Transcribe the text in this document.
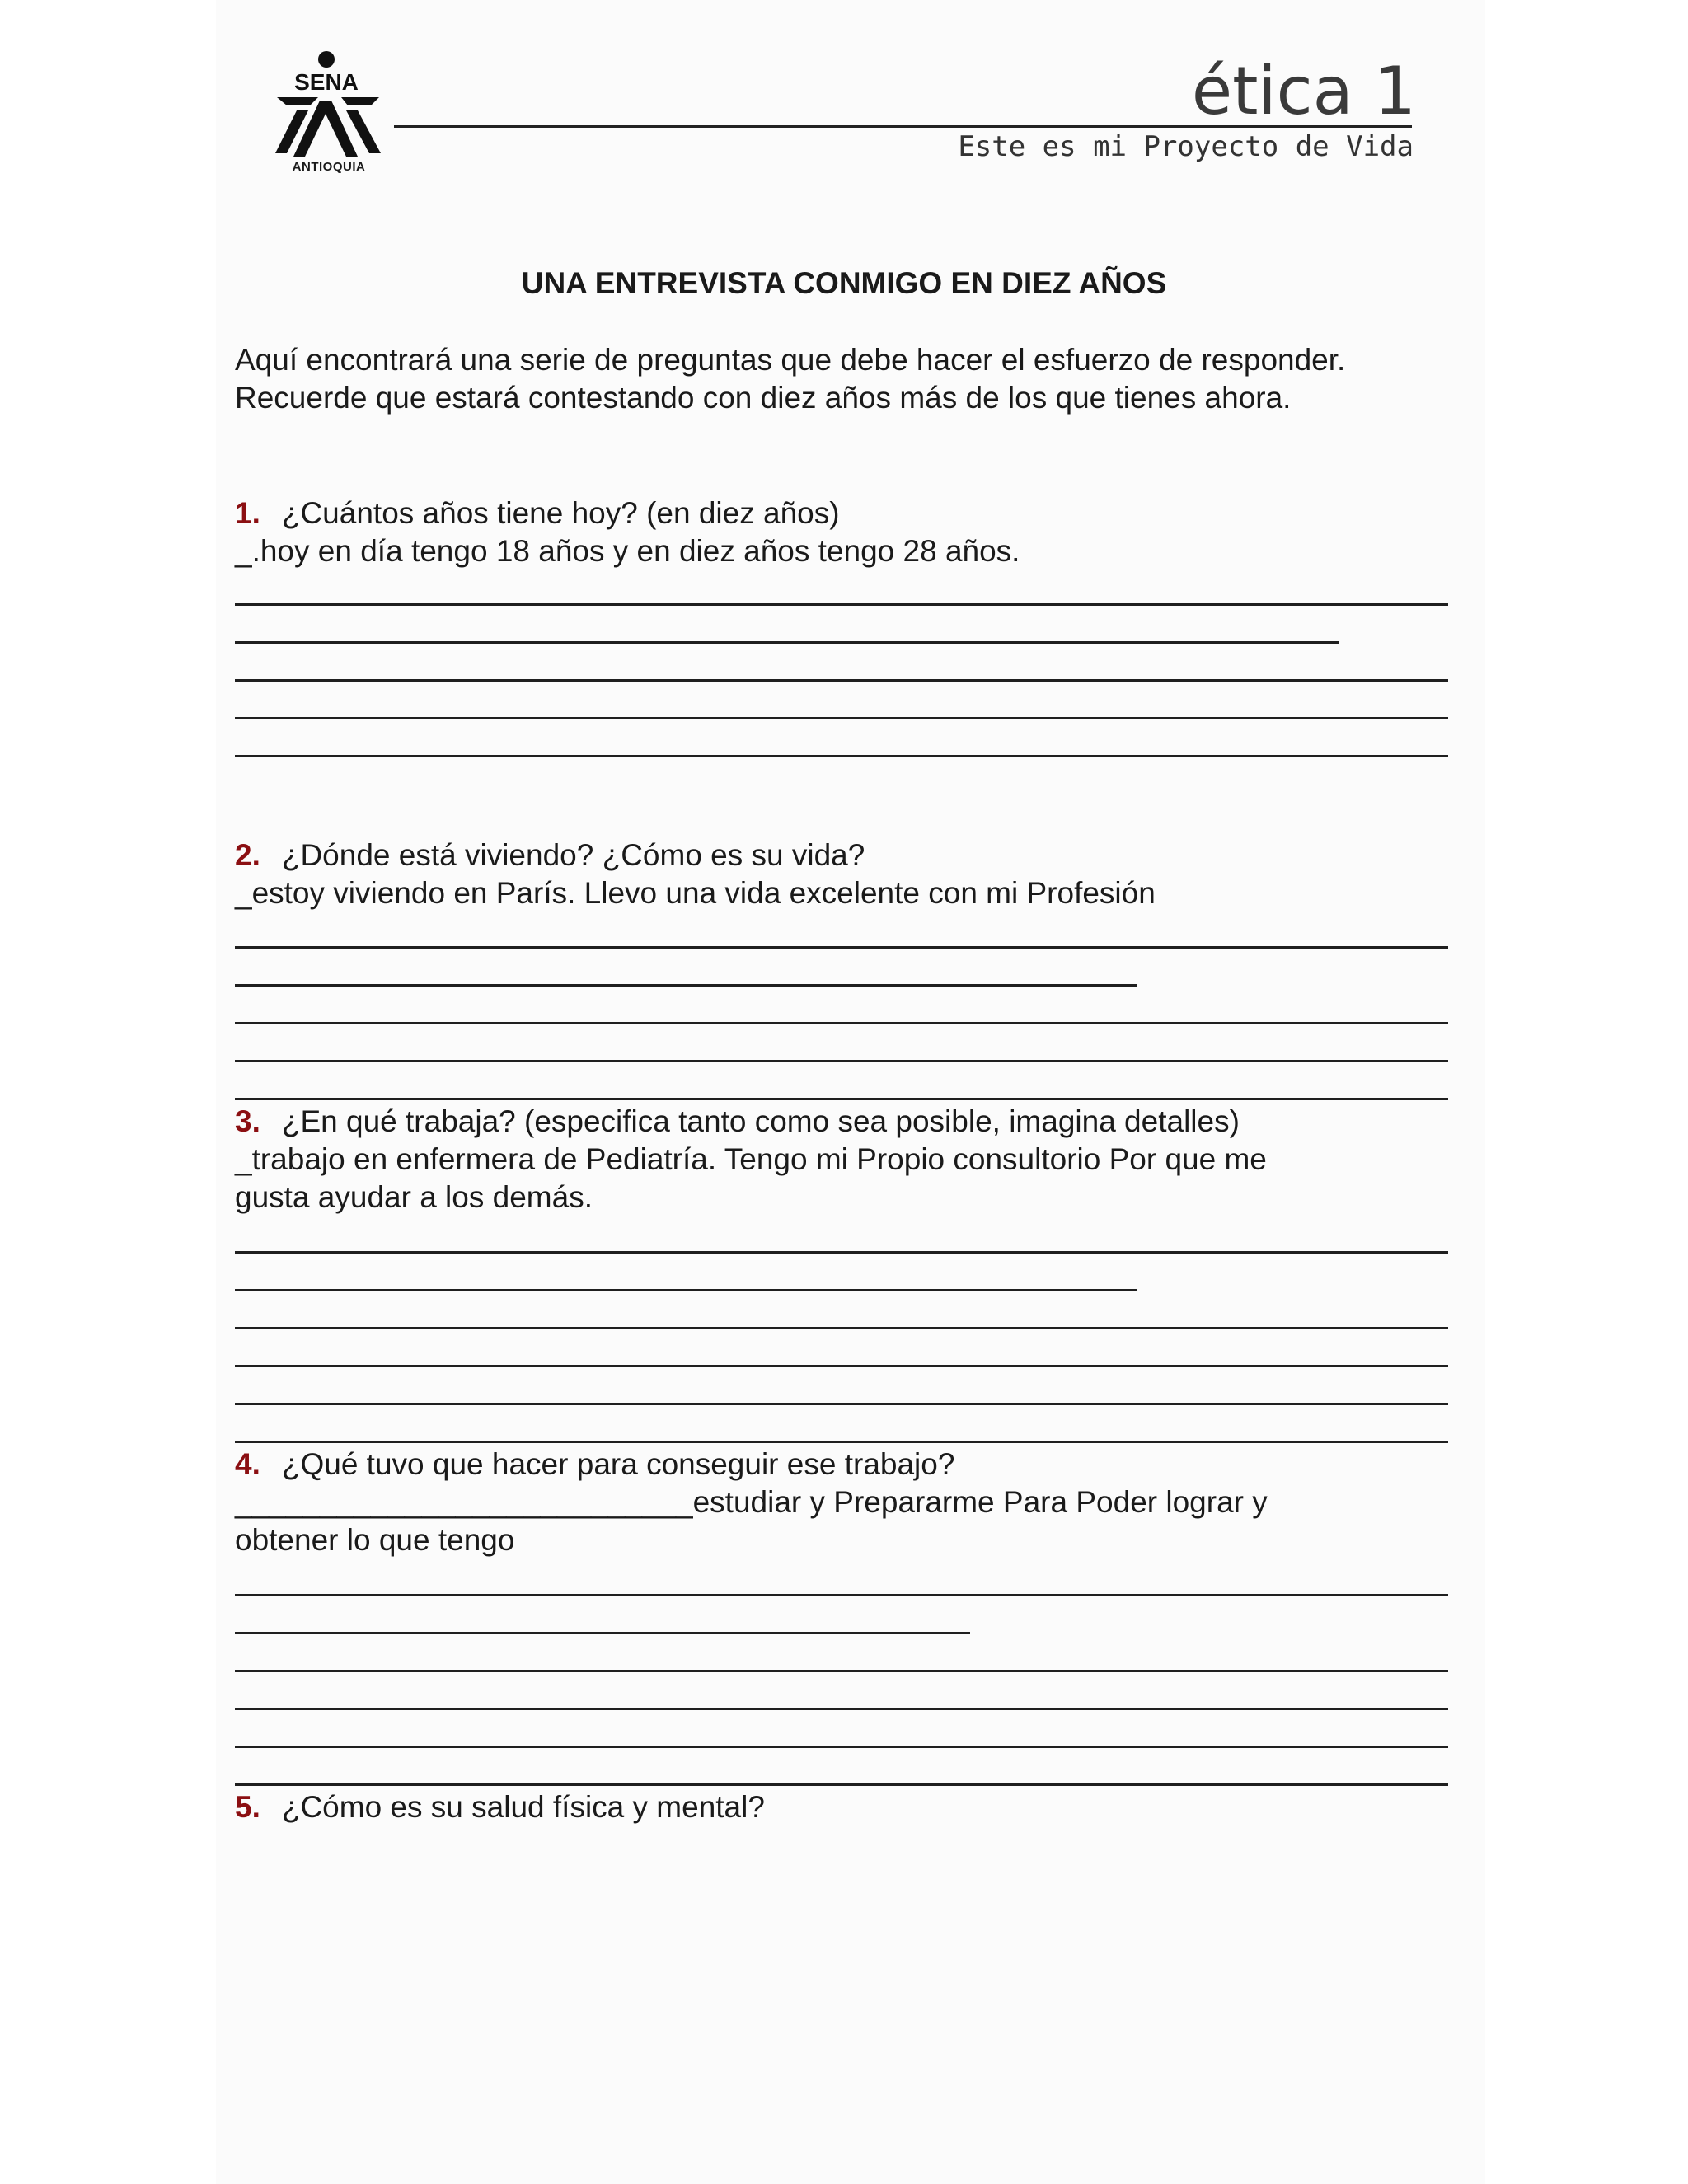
SENA
ANTIOQUIA
ética 1
Este es mi Proyecto de Vida
UNA ENTREVISTA CONMIGO EN DIEZ AÑOS
Aquí encontrará una serie de preguntas que debe hacer el esfuerzo de responder.
Recuerde que estará contestando con diez años más de los que tienes ahora.
1. ¿Cuántos años tiene hoy? (en diez años)
_.hoy en día tengo 18 años y en diez años tengo 28 años.
2. ¿Dónde está viviendo? ¿Cómo es su vida?
_estoy viviendo en París. Llevo una vida excelente con mi Profesión
3. ¿En qué trabaja? (especifica tanto como sea posible, imagina detalles)
_trabajo en enfermera de Pediatría. Tengo mi Propio consultorio Por que me
gusta ayudar a los demás.
4. ¿Qué tuvo que hacer para conseguir ese trabajo?
___________________________estudiar y Prepararme Para Poder lograr y
obtener lo que tengo
5. ¿Cómo es su salud física y mental?
